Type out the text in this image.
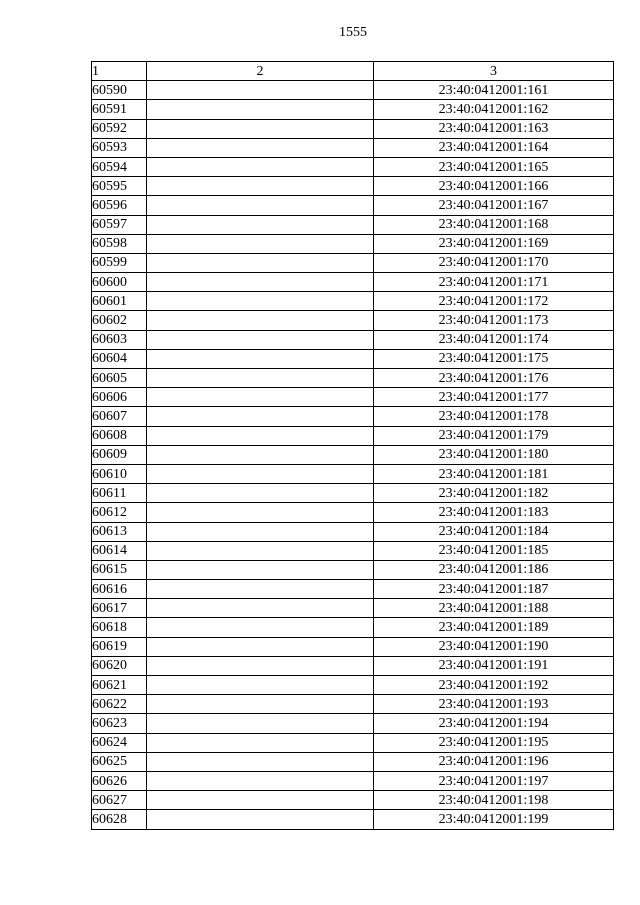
1555
1	2	3
60590		23:40:0412001:161
60591		23:40:0412001:162
60592		23:40:0412001:163
60593		23:40:0412001:164
60594		23:40:0412001:165
60595		23:40:0412001:166
60596		23:40:0412001:167
60597		23:40:0412001:168
60598		23:40:0412001:169
60599		23:40:0412001:170
60600		23:40:0412001:171
60601		23:40:0412001:172
60602		23:40:0412001:173
60603		23:40:0412001:174
60604		23:40:0412001:175
60605		23:40:0412001:176
60606		23:40:0412001:177
60607		23:40:0412001:178
60608		23:40:0412001:179
60609		23:40:0412001:180
60610		23:40:0412001:181
60611		23:40:0412001:182
60612		23:40:0412001:183
60613		23:40:0412001:184
60614		23:40:0412001:185
60615		23:40:0412001:186
60616		23:40:0412001:187
60617		23:40:0412001:188
60618		23:40:0412001:189
60619		23:40:0412001:190
60620		23:40:0412001:191
60621		23:40:0412001:192
60622		23:40:0412001:193
60623		23:40:0412001:194
60624		23:40:0412001:195
60625		23:40:0412001:196
60626		23:40:0412001:197
60627		23:40:0412001:198
60628		23:40:0412001:199
